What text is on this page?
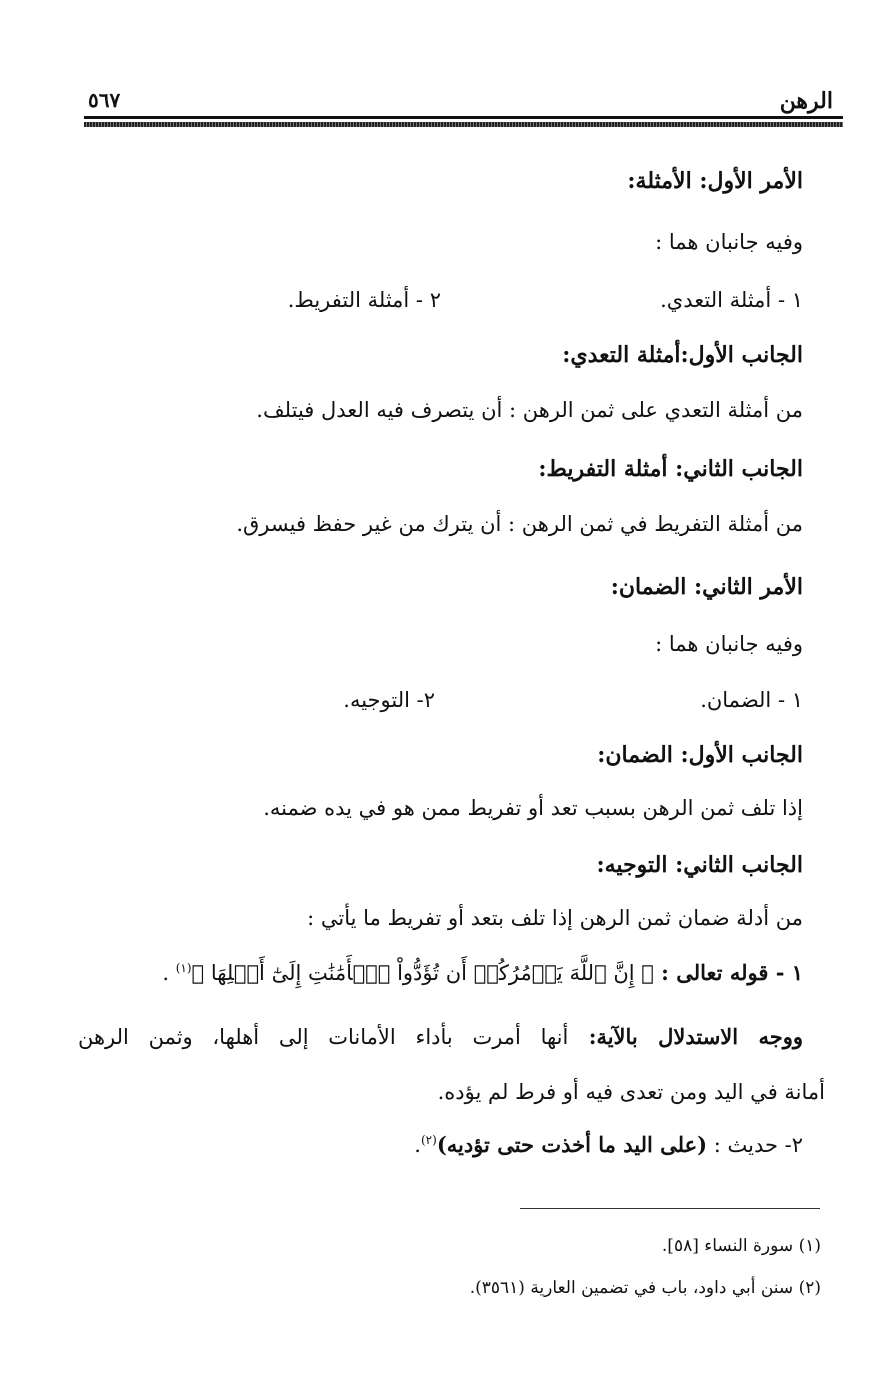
الرهن
٥٦٧
الأمر الأول: الأمثلة:
وفيه جانبان هما :
١ - أمثلة التعدي.
٢ - أمثلة التفريط.
الجانب الأول:أمثلة التعدي:
من أمثلة التعدي على ثمن الرهن : أن يتصرف فيه العدل فيتلف.
الجانب الثاني: أمثلة التفريط:
من أمثلة التفريط في ثمن الرهن : أن يترك من غير حفظ فيسرق.
الأمر الثاني: الضمان:
وفيه جانبان هما :
١ - الضمان.
٢- التوجيه.
الجانب الأول: الضمان:
إذا تلف ثمن الرهن بسبب تعد أو تفريط ممن هو في يده ضمنه.
الجانب الثاني: التوجيه:
من أدلة ضمان ثمن الرهن إذا تلف بتعد أو تفريط ما يأتي :
١ - قوله تعالى : ﴿ إِنَّ ٱللَّهَ يَأۡمُرُكُمۡ أَن تُؤَدُّواْ ٱلۡأَمَٰنَٰتِ إِلَىٰٓ أَهۡلِهَا ﴾$^{(١)}$ .
ووجه الاستدلال بالآية: أنها أمرت بأداء الأمانات إلى أهلها، وثمن الرهن
أمانة في اليد ومن تعدى فيه أو فرط لم يؤده.
٢- حديث : (على اليد ما أخذت حتى تؤديه)$^{(٢)}$.
(١) سورة النساء [٥٨].
(٢) سنن أبي داود، باب في تضمين العارية (٣٥٦١).
